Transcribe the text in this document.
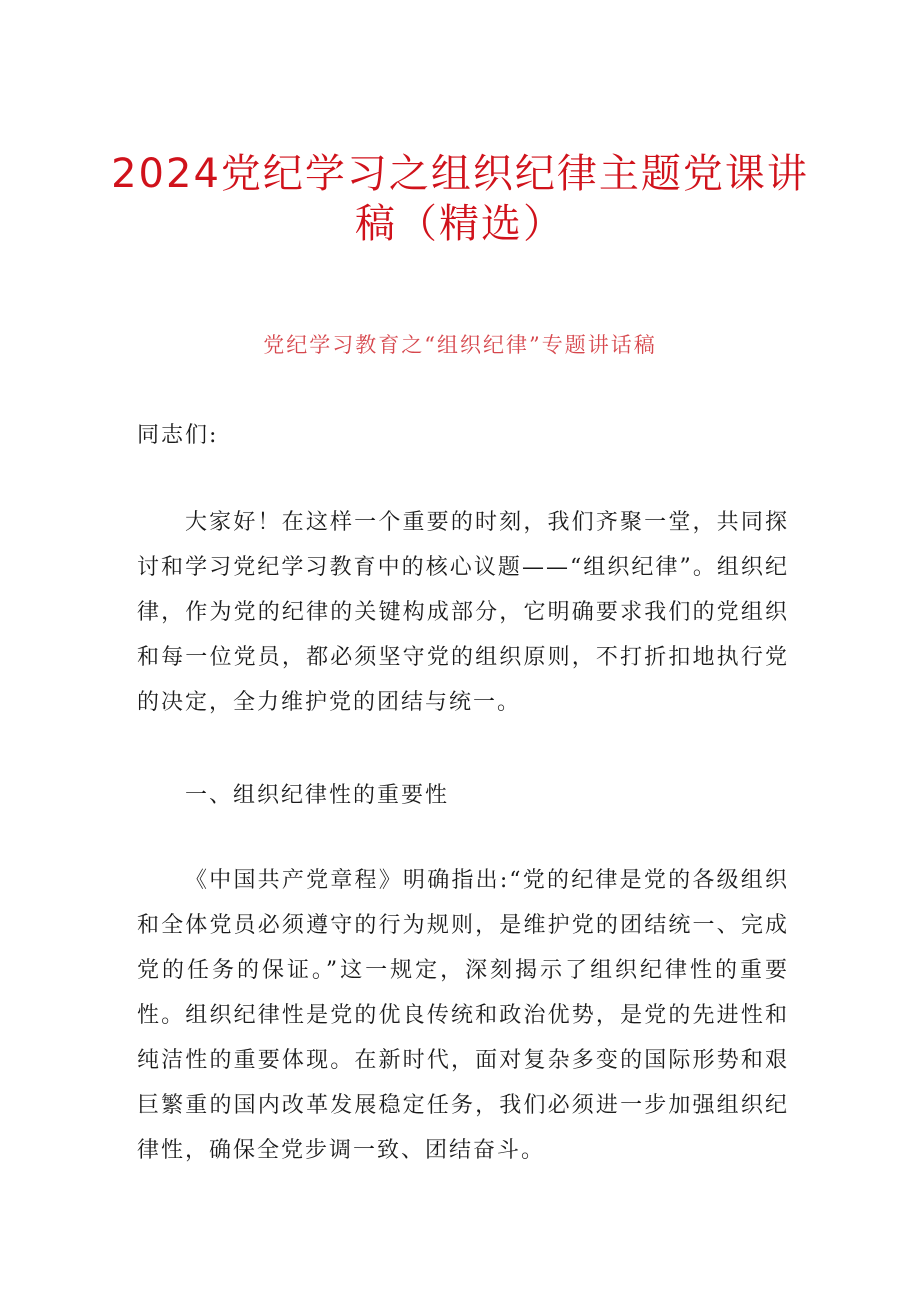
2024党纪学习之组织纪律主题党课讲
稿（精选）
党纪学习教育之“组织纪律”专题讲话稿
同志们:
大家好！在这样一个重要的时刻，我们齐聚一堂，共同探讨和学习党纪学习教育中的核心议题——“组织纪律”。组织纪律，作为党的纪律的关键构成部分，它明确要求我们的党组织和每一位党员，都必须坚守党的组织原则，不打折扣地执行党的决定，全力维护党的团结与统一。
一、组织纪律性的重要性
《中国共产党章程》明确指出:“党的纪律是党的各级组织和全体党员必须遵守的行为规则，是维护党的团结统一、完成党的任务的保证。”这一规定，深刻揭示了组织纪律性的重要性。组织纪律性是党的优良传统和政治优势，是党的先进性和纯洁性的重要体现。在新时代，面对复杂多变的国际形势和艰巨繁重的国内改革发展稳定任务，我们必须进一步加强组织纪律性，确保全党步调一致、团结奋斗。
